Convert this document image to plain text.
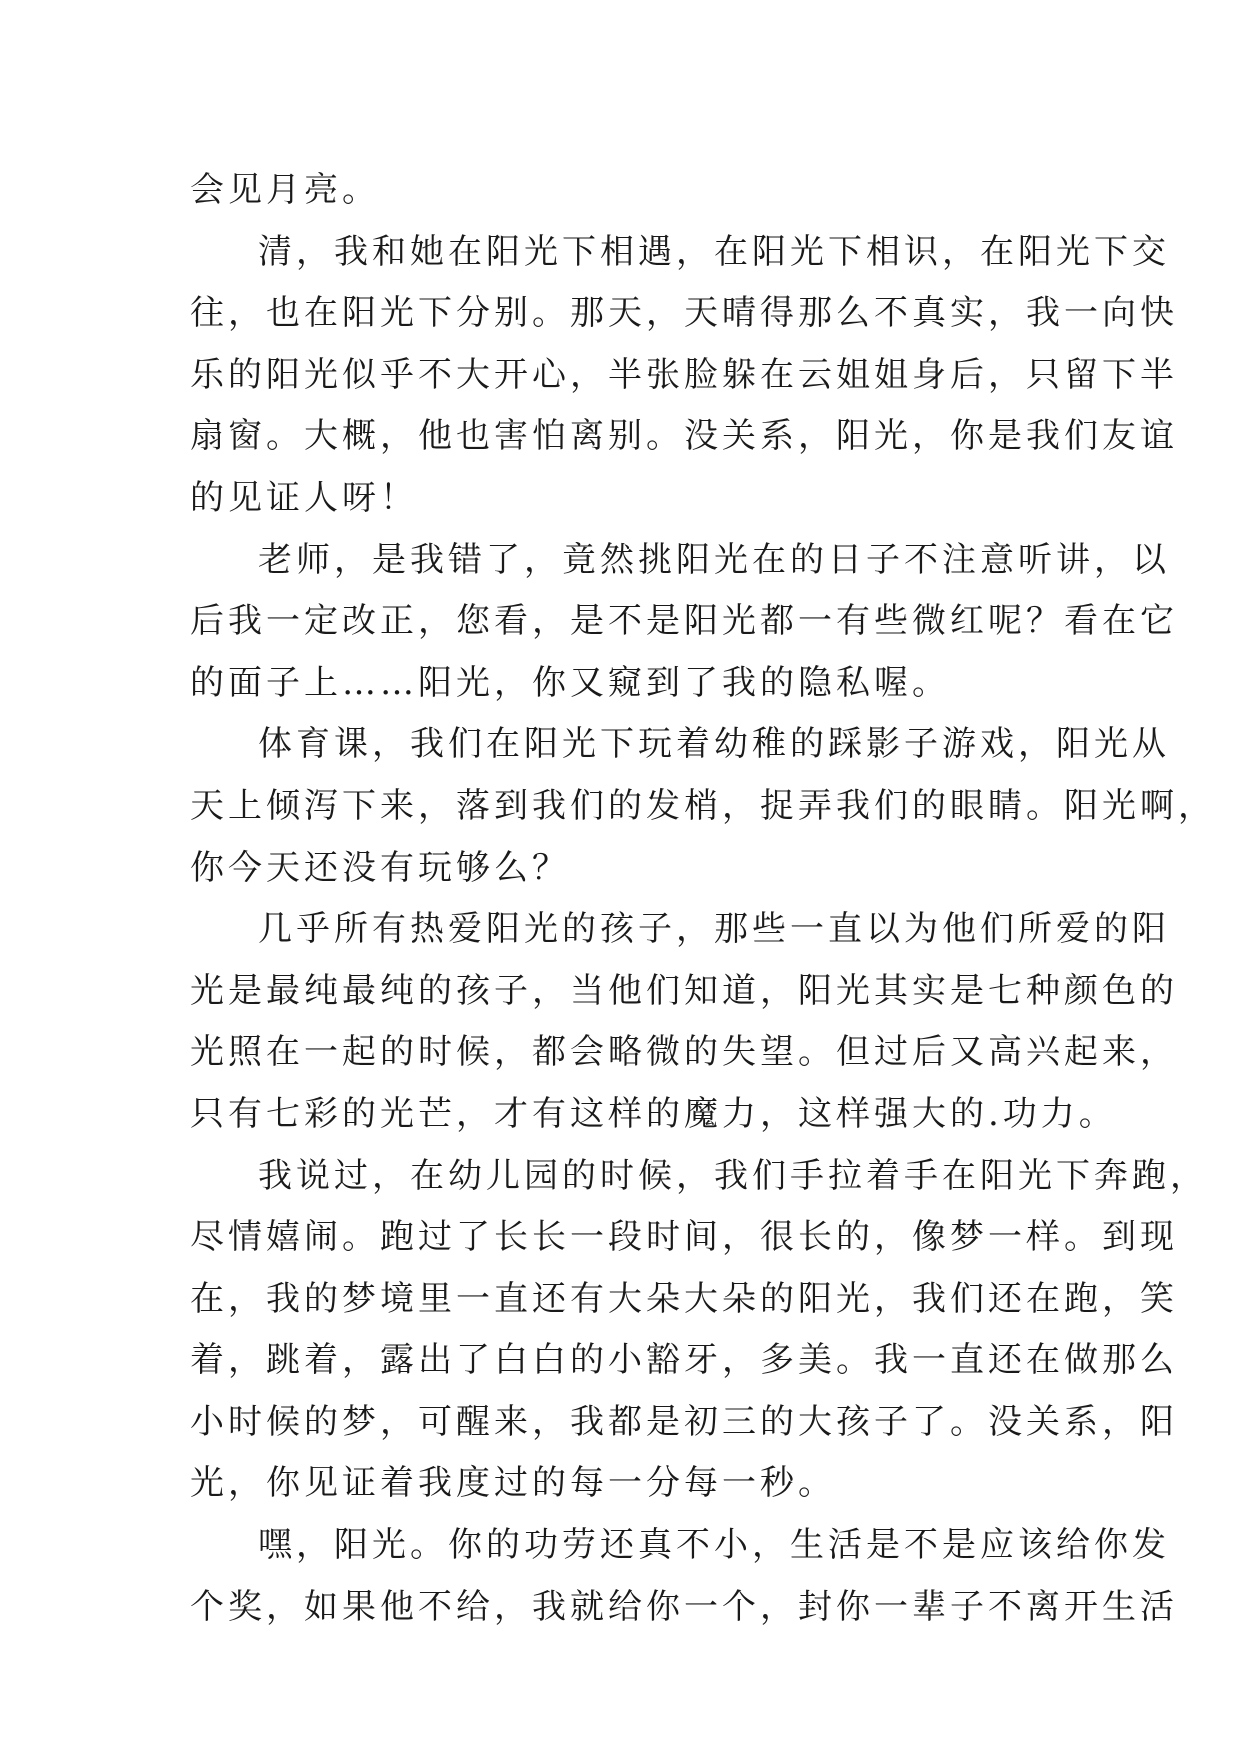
会见月亮。
清，我和她在阳光下相遇，在阳光下相识，在阳光下交
往，也在阳光下分别。那天，天晴得那么不真实，我一向快
乐的阳光似乎不大开心，半张脸躲在云姐姐身后，只留下半
扇窗。大概，他也害怕离别。没关系，阳光，你是我们友谊
的见证人呀！
老师，是我错了，竟然挑阳光在的日子不注意听讲，以
后我一定改正，您看，是不是阳光都一有些微红呢？看在它
的面子上……阳光，你又窥到了我的隐私喔。
体育课，我们在阳光下玩着幼稚的踩影子游戏，阳光从
天上倾泻下来，落到我们的发梢，捉弄我们的眼睛。阳光啊，
你今天还没有玩够么？
几乎所有热爱阳光的孩子，那些一直以为他们所爱的阳
光是最纯最纯的孩子，当他们知道，阳光其实是七种颜色的
光照在一起的时候，都会略微的失望。但过后又高兴起来，
只有七彩的光芒，才有这样的魔力，这样强大的.功力。
我说过，在幼儿园的时候，我们手拉着手在阳光下奔跑，
尽情嬉闹。跑过了长长一段时间，很长的，像梦一样。到现
在，我的梦境里一直还有大朵大朵的阳光，我们还在跑，笑
着，跳着，露出了白白的小豁牙，多美。我一直还在做那么
小时候的梦，可醒来，我都是初三的大孩子了。没关系，阳
光，你见证着我度过的每一分每一秒。
嘿，阳光。你的功劳还真不小，生活是不是应该给你发
个奖，如果他不给，我就给你一个，封你一辈子不离开生活
